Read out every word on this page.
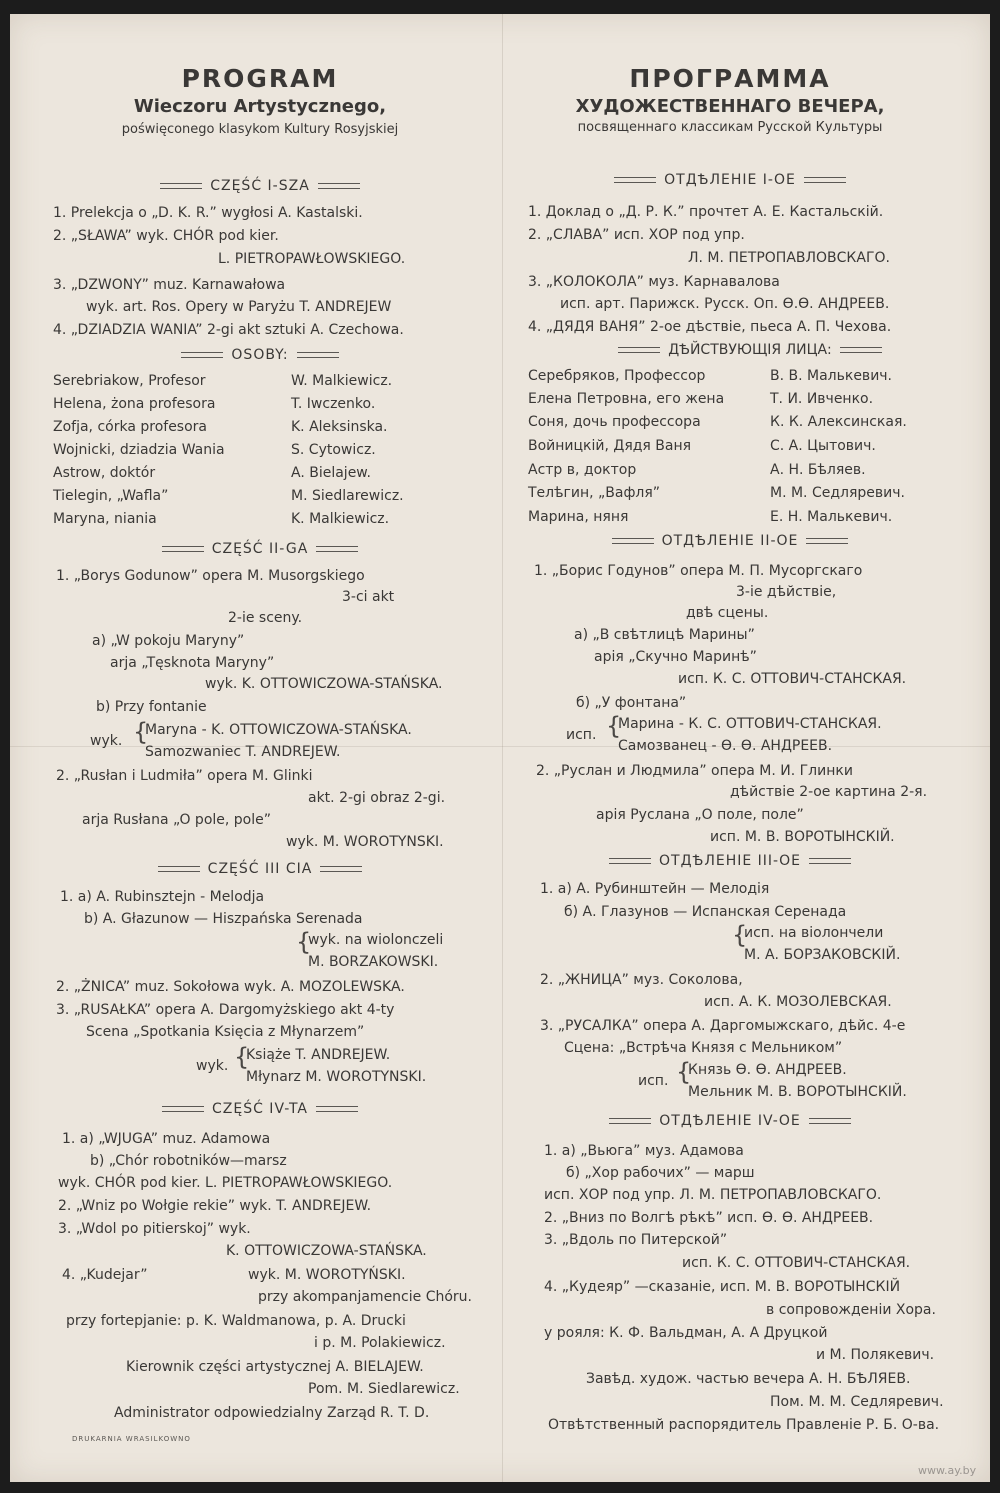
PROGRAM
Wieczoru Artystycznego,
poświęconego klasykom Kultury Rosyjskiej
CZĘŚĆ I-SZA
1. Prelekcja o „D. K. R.” wygłosi A. Kastalski.
2. „SŁAWA” wyk. CHÓR pod kier.
L. PIETROPAWŁOWSKIEGO.
3. „DZWONY” muz. Karnawałowa
wyk. art. Ros. Opery w Paryżu T. ANDREJEW
4. „DZIADZIA WANIA” 2-gi akt sztuki A. Czechowa.
OSOBY:
Serebriakow, Profesor
Helena, żona profesora
Zofja, córka profesora
Wojnicki, dziadzia Wania
Astrow, doktór
Tielegin, „Wafla”
Maryna, niania
W. Malkiewicz.
T. Iwczenko.
K. Aleksinska.
S. Cytowicz.
A. Bielajew.
M. Siedlarewicz.
K. Malkiewicz.
CZĘŚĆ II-GA
1. „Borys Godunow” opera M. Musorgskiego
3-ci akt
2-ie sceny.
a) „W pokoju Maryny”
arja „Tęsknota Maryny”
wyk. K. OTTOWICZOWA-STAŃSKA.
b) Przy fontanie
wyk. {
Maryna - K. OTTOWICZOWA-STAŃSKA.
Samozwaniec T. ANDREJEW.
2. „Rusłan i Ludmiła” opera M. Glinki
akt. 2-gi obraz 2-gi.
arja Rusłana „O pole, pole”
wyk. M. WOROTYNSKI.
CZĘŚĆ III CIA
1. a) A. Rubinsztejn - Melodja
b) A. Głazunow — Hiszpańska Serenada
{
wyk. na wiolonczeli
M. BORZAKOWSKI.
2. „ŻNICA” muz. Sokołowa wyk. A. MOZOLEWSKA.
3. „RUSAŁKA” opera A. Dargomyżskiego akt 4-ty
Scena „Spotkania Księcia z Młynarzem”
wyk. {
Książe T. ANDREJEW.
Młynarz M. WOROTYNSKI.
CZĘŚĆ IV-TA
1. a) „WJUGA” muz. Adamowa
b) „Chór robotników—marsz
wyk. CHÓR pod kier. L. PIETROPAWŁOWSKIEGO.
2. „Wniz po Wołgie rekie” wyk. T. ANDREJEW.
3. „Wdol po pitierskoj” wyk.
K. OTTOWICZOWA-STAŃSKA.
4. „Kudejar”	wyk. M. WOROTYŃSKI.
przy akompanjamencie Chóru.
przy fortepjanie: p. K. Waldmanowa, p. A. Drucki
i p. M. Polakiewicz.
Kierownik części artystycznej A. BIELAJEW.
Pom. M. Siedlarewicz.
Administrator odpowiedzialny Zarząd R. T. D.
DRUKARNIA WRASILKOWNO
ПРОГРАММА
ХУДОЖЕСТВЕННАГО ВЕЧЕРА,
посвященнаго классикам Русской Культуры
ОТДѢЛЕНІЕ I-ОЕ
1. Доклад о „Д. Р. К.” прочтет А. Е. Кастальскій.
2. „СЛАВА” исп. ХОР под упр.
Л. М. ПЕТРОПАВЛОВСКАГО.
3. „КОЛОКОЛА” муз. Карнавалова
исп. арт. Парижск. Русск. Оп. Ѳ.Ѳ. АНДРЕЕВ.
4. „ДЯДЯ ВАНЯ” 2-ое дѣствіе, пьеса А. П. Чехова.
ДѢЙСТВУЮЩІЯ ЛИЦА:
Серебряков, Профессор
Елена Петровна, его жена
Соня, дочь профессора
Войницкій, Дядя Ваня
Астр в, доктор
Телѣгин, „Вафля”
Марина, няня
В. В. Малькевич.
Т. И. Ивченко.
К. К. Алексинская.
С. А. Цытович.
А. Н. Бѣляев.
М. М. Седляревич.
Е. Н. Малькевич.
ОТДѢЛЕНІЕ II-ОЕ
1. „Борис Годунов” опера М. П. Мусоргскаго
3-іе дѣйствіе,
двѣ сцены.
а) „В свѣтлицѣ Марины”
арія „Скучно Маринѣ”
исп. К. С. ОТТОВИЧ-СТАНСКАЯ.
б) „У фонтана”
исп. {
Марина - К. С. ОТТОВИЧ-СТАНСКАЯ.
Самозванец - Ѳ. Ѳ. АНДРЕЕВ.
2. „Руслан и Людмила” опера М. И. Глинки
дѣйствіе 2-ое картина 2-я.
арія Руслана „О поле, поле”
исп. М. В. ВОРОТЫНСКІЙ.
ОТДѢЛЕНІЕ III-ОЕ
1. а) А. Рубинштейн — Мелодія
б) А. Глазунов — Испанская Серенада
{
исп. на віолончели
М. А. БОРЗАКОВСКІЙ.
2. „ЖНИЦА” муз. Соколова,
исп. А. К. МОЗОЛЕВСКАЯ.
3. „РУСАЛКА” опера А. Даргомыжскаго, дѣйс. 4-е
Сцена: „Встрѣча Князя с Мельником”
исп. {
Князь Ѳ. Ѳ. АНДРЕЕВ.
Мельник М. В. ВОРОТЫНСКІЙ.
ОТДѢЛЕНІЕ IV-ОЕ
1. а) „Вьюга” муз. Адамова
б) „Хор рабочих” — марш
исп. ХОР под упр. Л. М. ПЕТРОПАВЛОВСКАГО.
2. „Вниз по Волгѣ рѣкѣ” исп. Ѳ. Ѳ. АНДРЕЕВ.
3. „Вдоль по Питерской”
исп. К. С. ОТТОВИЧ-СТАНСКАЯ.
4. „Кудеяр” —сказаніе, исп. М. В. ВОРОТЫНСКІЙ
в сопровожденіи Хора.
у рояля: К. Ф. Вальдман, А. А Друцкой
и М. Полякевич.
Завѣд. худож. частью вечера А. Н. БѢЛЯЕВ.
Пом. М. М. Седляревич.
Отвѣтственный распорядитель Правленіе Р. Б. О-ва.
www.ay.by
